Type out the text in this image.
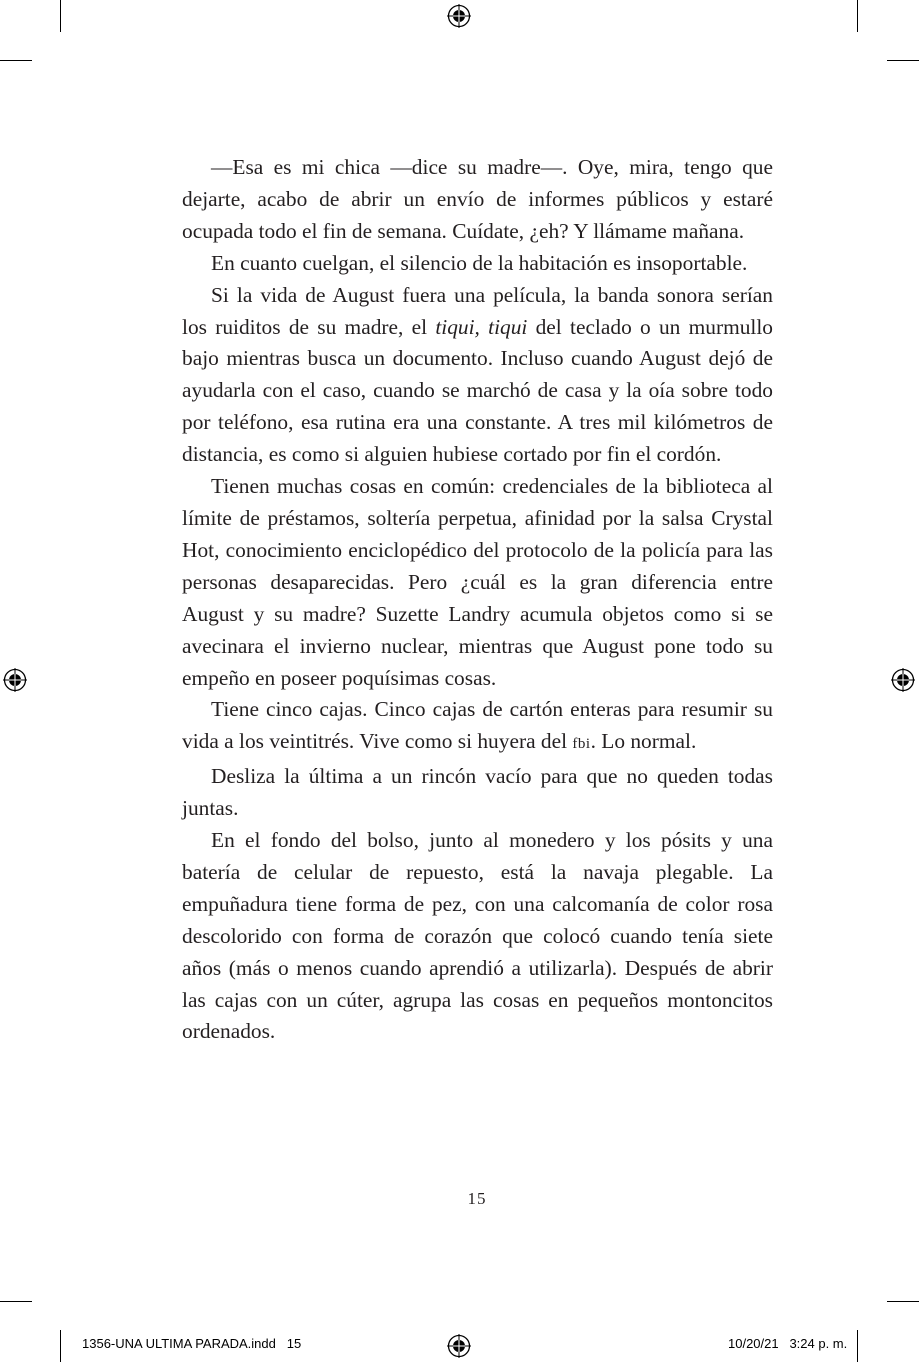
—Esa es mi chica —dice su madre—. Oye, mira, tengo que dejarte, acabo de abrir un envío de informes públicos y estaré ocupada todo el fin de semana. Cuídate, ¿eh? Y llámame mañana.

En cuanto cuelgan, el silencio de la habitación es insoportable.

Si la vida de August fuera una película, la banda sonora serían los ruiditos de su madre, el tiqui, tiqui del teclado o un murmullo bajo mientras busca un documento. Incluso cuando August dejó de ayudarla con el caso, cuando se marchó de casa y la oía sobre todo por teléfono, esa rutina era una constante. A tres mil kilómetros de distancia, es como si alguien hubiese cortado por fin el cordón.

Tienen muchas cosas en común: credenciales de la biblioteca al límite de préstamos, soltería perpetua, afinidad por la salsa Crystal Hot, conocimiento enciclopédico del protocolo de la policía para las personas desaparecidas. Pero ¿cuál es la gran diferencia entre August y su madre? Suzette Landry acumula objetos como si se avecinara el invierno nuclear, mientras que August pone todo su empeño en poseer poquísimas cosas.

Tiene cinco cajas. Cinco cajas de cartón enteras para resumir su vida a los veintitrés. Vive como si huyera del fbi. Lo normal.

Desliza la última a un rincón vacío para que no queden todas juntas.

En el fondo del bolso, junto al monedero y los pósits y una batería de celular de repuesto, está la navaja plegable. La empuñadura tiene forma de pez, con una calcomanía de color rosa descolorido con forma de corazón que colocó cuando tenía siete años (más o menos cuando aprendió a utilizarla). Después de abrir las cajas con un cúter, agrupa las cosas en pequeños montoncitos ordenados.

15
1356-UNA ULTIMA PARADA.indd   15	10/20/21   3:24 p. m.
